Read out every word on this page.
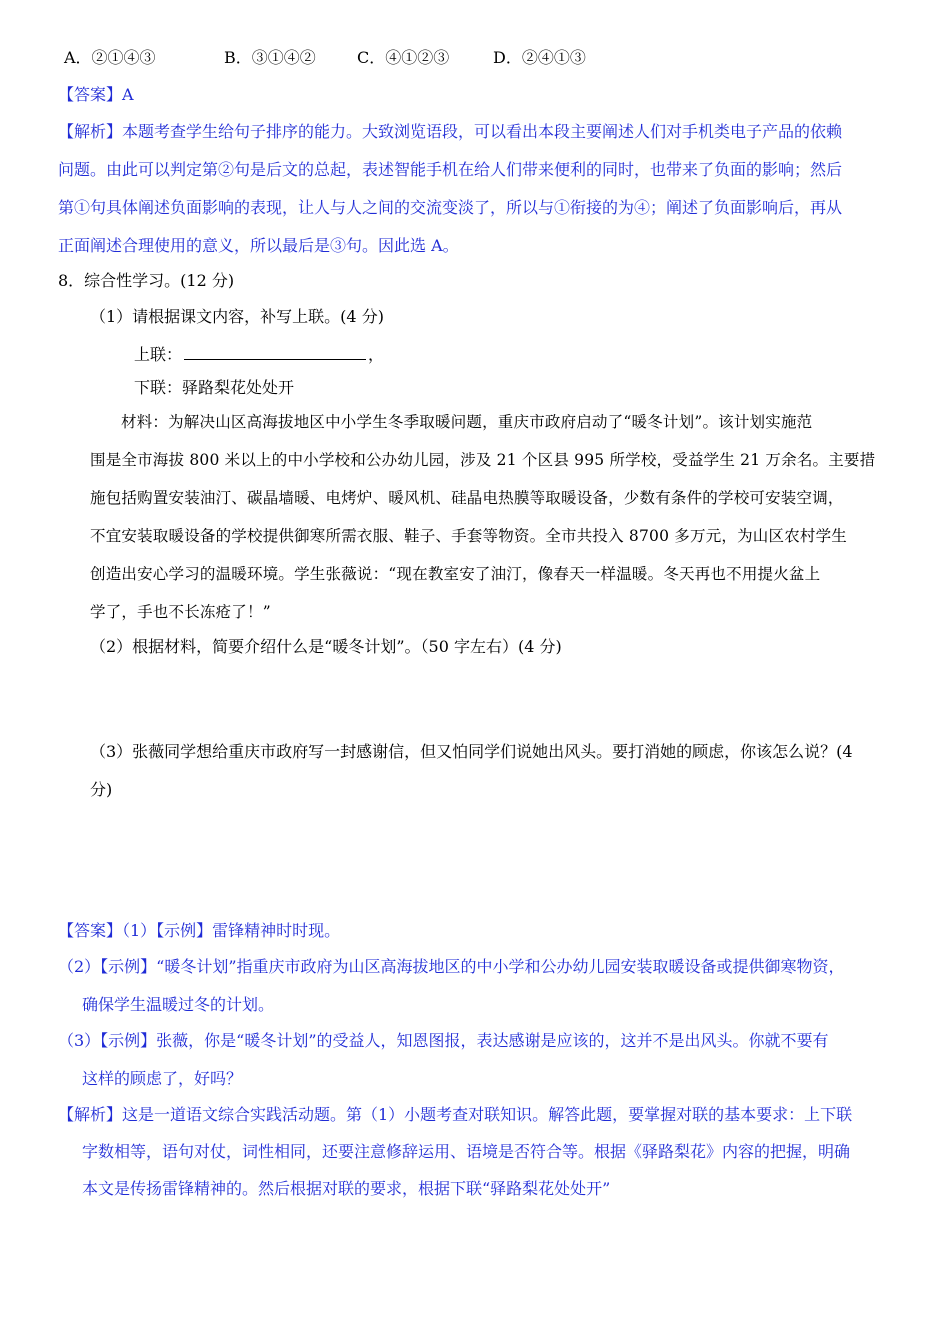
A．②①④③	B．③①④②	C．④①②③	D．②④①③
【答案】A
【解析】本题考查学生给句子排序的能力。大致浏览语段，可以看出本段主要阐述人们对手机类电子产品的依赖
问题。由此可以判定第②句是后文的总起，表述智能手机在给人们带来便利的同时，也带来了负面的影响；然后
第①句具体阐述负面影响的表现，让人与人之间的交流变淡了，所以与①衔接的为④；阐述了负面影响后，再从
正面阐述合理使用的意义，所以最后是③句。因此选 A。
8．综合性学习。(12 分)
（1）请根据课文内容，补写上联。(4 分)
上联：	，
下联：驿路梨花处处开
材料：为解决山区高海拔地区中小学生冬季取暖问题，重庆市政府启动了“暖冬计划”。该计划实施范
围是全市海拔 800 米以上的中小学校和公办幼儿园，涉及 21 个区县 995 所学校，受益学生 21 万余名。主要措
施包括购置安装油汀、碳晶墙暖、电烤炉、暖风机、硅晶电热膜等取暖设备，少数有条件的学校可安装空调，
不宜安装取暖设备的学校提供御寒所需衣服、鞋子、手套等物资。全市共投入 8700 多万元，为山区农村学生
创造出安心学习的温暖环境。学生张薇说：“现在教室安了油汀，像春天一样温暖。冬天再也不用提火盆上
学了，手也不长冻疮了！”
（2）根据材料，简要介绍什么是“暖冬计划”。（50 字左右）(4 分)
（3）张薇同学想给重庆市政府写一封感谢信，但又怕同学们说她出风头。要打消她的顾虑，你该怎么说？(4
分)
【答案】（1）【示例】雷锋精神时时现。
（2）【示例】“暖冬计划”指重庆市政府为山区高海拔地区的中小学和公办幼儿园安装取暖设备或提供御寒物资，
确保学生温暖过冬的计划。
（3）【示例】张薇，你是“暖冬计划”的受益人，知恩图报，表达感谢是应该的，这并不是出风头。你就不要有
这样的顾虑了，好吗？
【解析】这是一道语文综合实践活动题。第（1）小题考查对联知识。解答此题，要掌握对联的基本要求：上下联
字数相等，语句对仗，词性相同，还要注意修辞运用、语境是否符合等。根据《驿路梨花》内容的把握，明确
本文是传扬雷锋精神的。然后根据对联的要求，根据下联“驿路梨花处处开”
